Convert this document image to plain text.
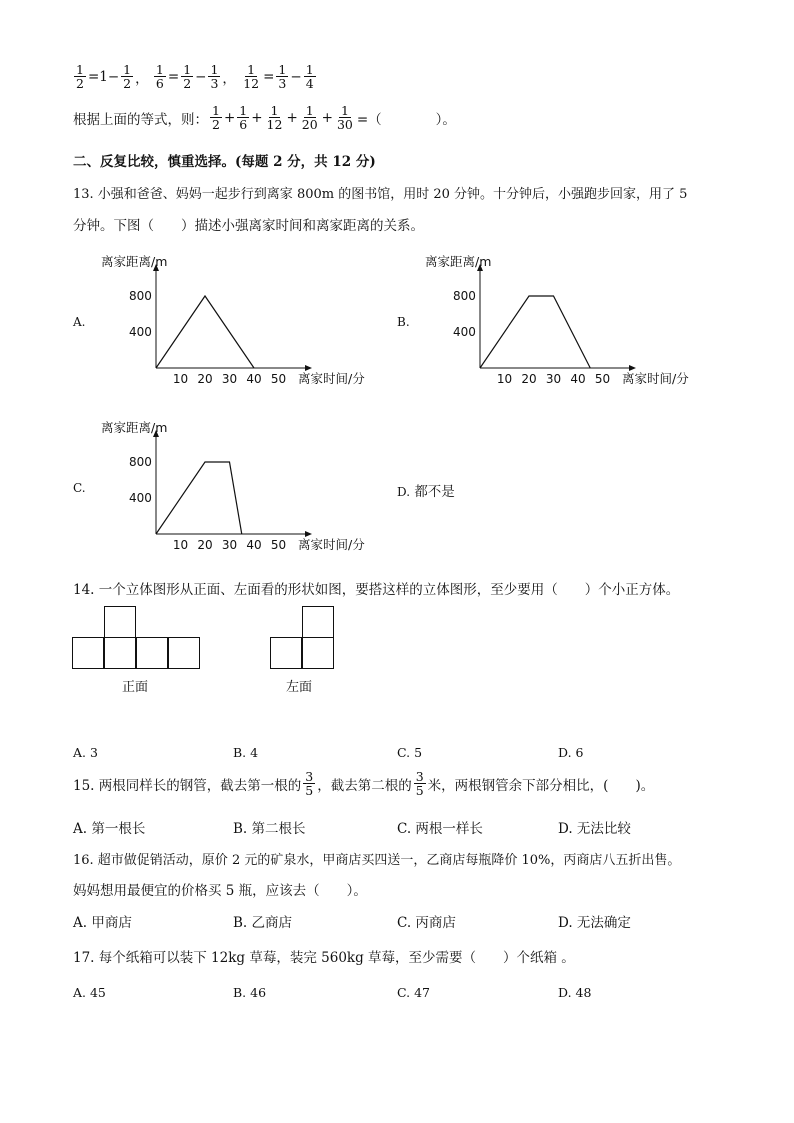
$\frac{1}{2} =1- \frac{1}{2}$ ，
$\frac{1}{6} = \frac{1}{2} - \frac{1}{3}$ ，
$\frac{1}{12} = \frac{1}{3} - \frac{1}{4}$
根据上面的等式，则： $\frac{1}{2} + \frac{1}{6} + \frac{1}{12} + \frac{1}{20} + \frac{1}{30}$ =（　　　　）。
二、反复比较，慎重选择。(每题 2 分，共 12 分)
13. 小强和爸爸、妈妈一起步行到离家 800m 的图书馆，用时 20 分钟。十分钟后，小强跑步回家，用了 5
分钟。下图（　　）描述小强离家时间和离家距离的关系。
A.	B.
C.	D. 都不是
离家距离/m
离家时间/分
800
400
10 20 30 40 50
离家距离/m
离家时间/分
800
400
10 20 30 40 50
离家距离/m
离家时间/分
800
400
10 20 30 40 50
14. 一个立体图形从正面、左面看的形状如图，要搭这样的立体图形，至少要用（　　）个小正方体。
正面	左面
A. 3	B. 4	C. 5	D. 6
15. 两根同样长的钢管，截去第一根的 $\frac{3}{5}$ ，截去第二根的 $\frac{3}{5}$ 米，两根钢管余下部分相比，(　　)。
A. 第一根长	B. 第二根长	C. 两根一样长	D. 无法比较
16. 超市做促销活动，原价 2 元的矿泉水，甲商店买四送一，乙商店每瓶降价 10%，丙商店八五折出售。
妈妈想用最便宜的价格买 5 瓶，应该去（　　）。
A. 甲商店	B. 乙商店	C. 丙商店	D. 无法确定
17. 每个纸箱可以装下 12kg 草莓，装完 560kg 草莓，至少需要（　　）个纸箱 。
A. 45	B. 46	C. 47	D. 48
